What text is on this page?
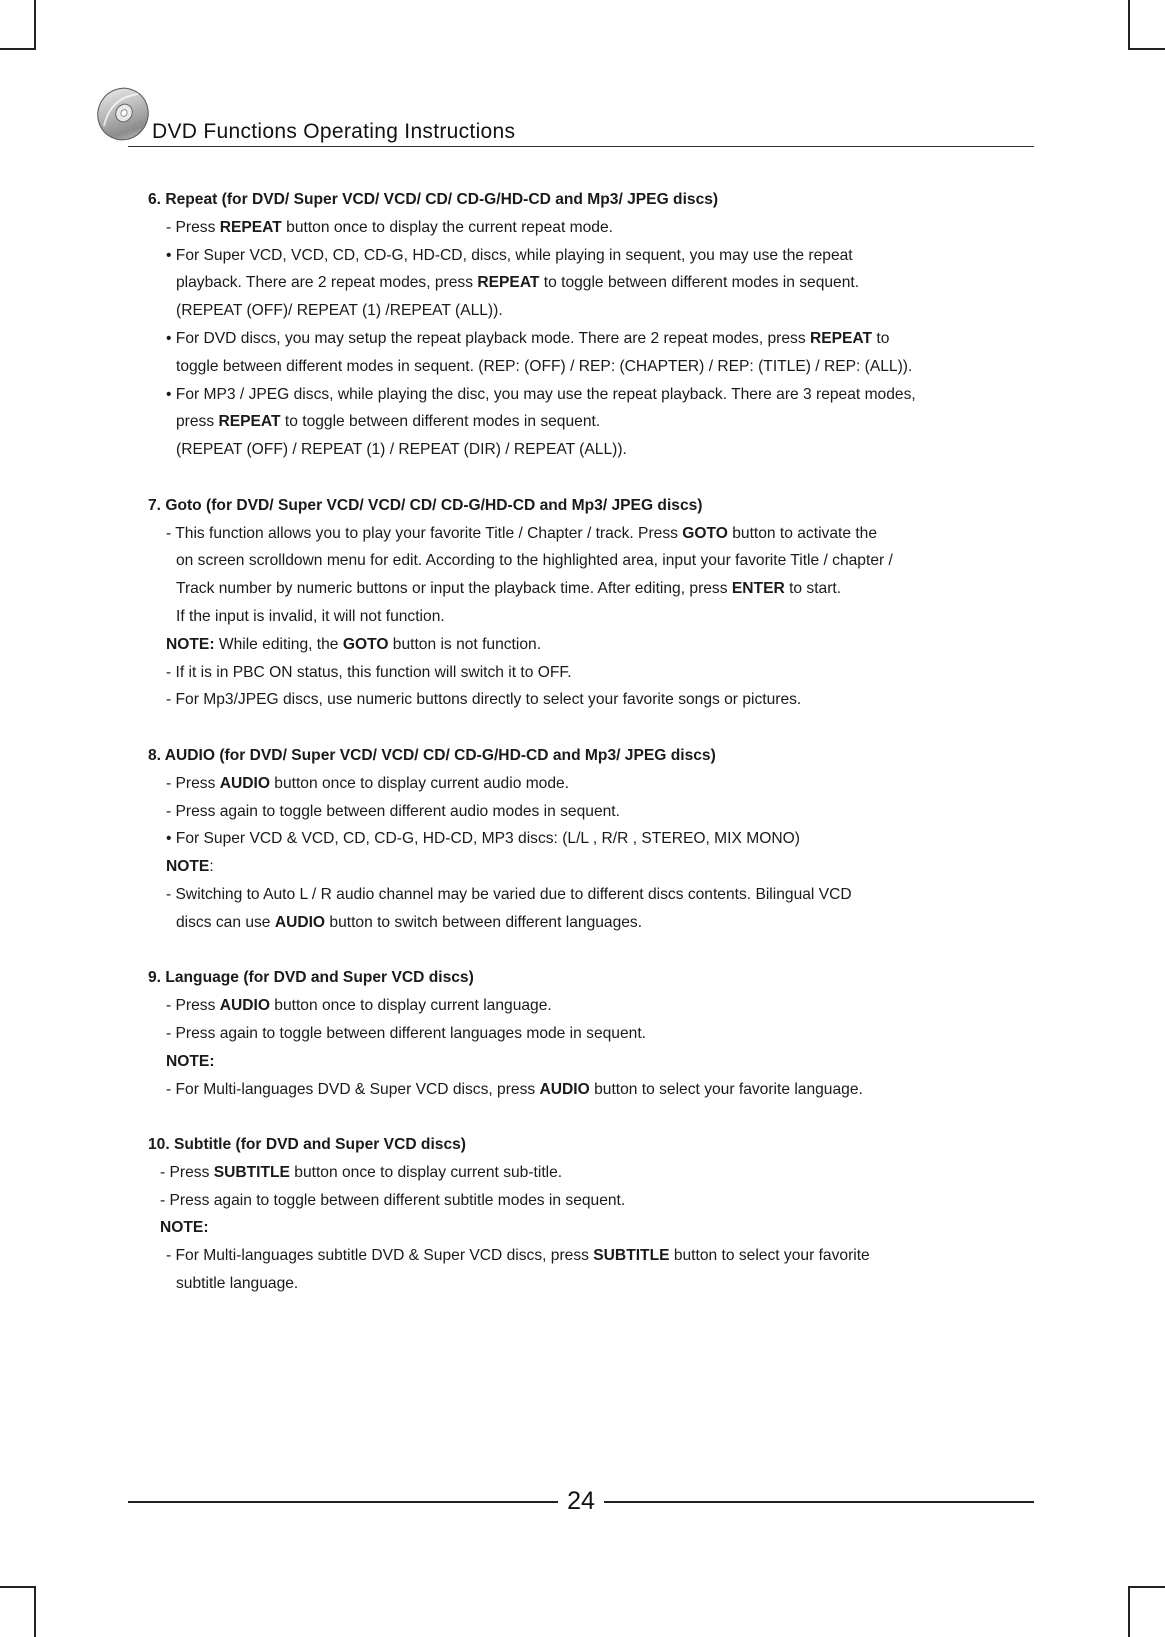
DVD Functions Operating Instructions
6. Repeat (for DVD/ Super VCD/ VCD/ CD/ CD-G/HD-CD and Mp3/ JPEG discs)
- Press REPEAT button once to display the current repeat mode.
• For Super VCD, VCD, CD, CD-G, HD-CD, discs, while playing in sequent, you may use the repeat
playback. There are 2 repeat modes, press REPEAT to toggle between different modes in sequent.
(REPEAT (OFF)/ REPEAT (1) /REPEAT (ALL)).
• For DVD discs, you may setup the repeat playback mode. There are 2 repeat modes, press REPEAT to
toggle between different modes in sequent. (REP: (OFF) / REP: (CHAPTER) / REP: (TITLE) / REP: (ALL)).
• For MP3 / JPEG discs, while playing the disc, you may use the repeat playback. There are 3 repeat modes,
press REPEAT to toggle between different modes in sequent.
(REPEAT (OFF) / REPEAT (1) / REPEAT (DIR) / REPEAT (ALL)).
7. Goto (for DVD/ Super VCD/ VCD/ CD/ CD-G/HD-CD and Mp3/ JPEG discs)
- This function allows you to play your favorite Title / Chapter / track. Press GOTO button to activate the
on screen scrolldown menu for edit. According to the highlighted area, input your favorite Title / chapter /
Track number by numeric buttons or input the playback time. After editing, press ENTER to start.
If the input is invalid, it will not function.
NOTE: While editing, the GOTO button is not function.
- If it is in PBC ON status, this function will switch it to OFF.
- For Mp3/JPEG discs, use numeric buttons directly to select your favorite songs or pictures.
8. AUDIO (for DVD/ Super VCD/ VCD/ CD/ CD-G/HD-CD and Mp3/ JPEG discs)
- Press AUDIO button once to display current audio mode.
- Press again to toggle between different audio modes in sequent.
• For Super VCD & VCD, CD, CD-G, HD-CD, MP3 discs: (L/L , R/R , STEREO, MIX MONO)
NOTE:
- Switching to Auto L / R audio channel may be varied due to different discs contents. Bilingual VCD
discs can use AUDIO button to switch between different languages.
9. Language (for DVD and Super VCD discs)
- Press AUDIO button once to display current language.
- Press again to toggle between different languages mode in sequent.
NOTE:
- For Multi-languages DVD & Super VCD discs, press AUDIO button to select your favorite language.
10. Subtitle (for DVD and Super VCD discs)
- Press SUBTITLE button once to display current sub-title.
- Press again to toggle between different subtitle modes in sequent.
NOTE:
- For Multi-languages subtitle DVD & Super VCD discs, press SUBTITLE button to select your favorite
subtitle language.
24
